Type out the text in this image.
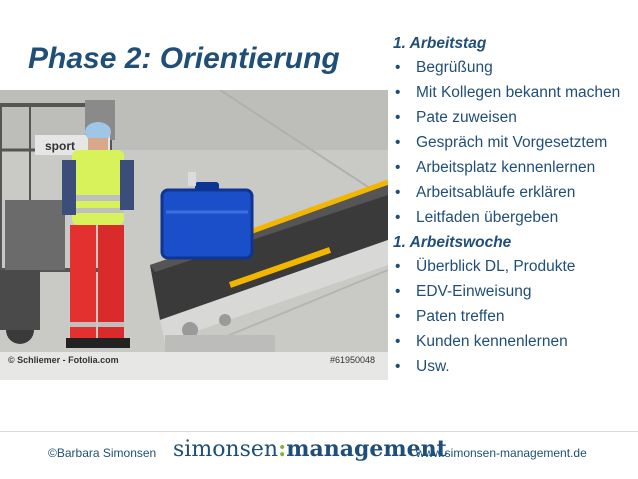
Phase 2: Orientierung
sport
© Schliemer - Fotolia.com	#61950048
1. Arbeitstag
•	Begrüßung
•	Mit Kollegen bekannt machen
•	Pate zuweisen
•	Gespräch mit Vorgesetztem
•	Arbeitsplatz kennenlernen
•	Arbeitsabläufe erklären
•	Leitfaden übergeben
1. Arbeitswoche
•	Überblick DL, Produkte
•	EDV-Einweisung
•	Paten treffen
•	Kunden kennenlernen
•	Usw.
©Barbara Simonsen simonsen:management
www.simonsen-management.de
